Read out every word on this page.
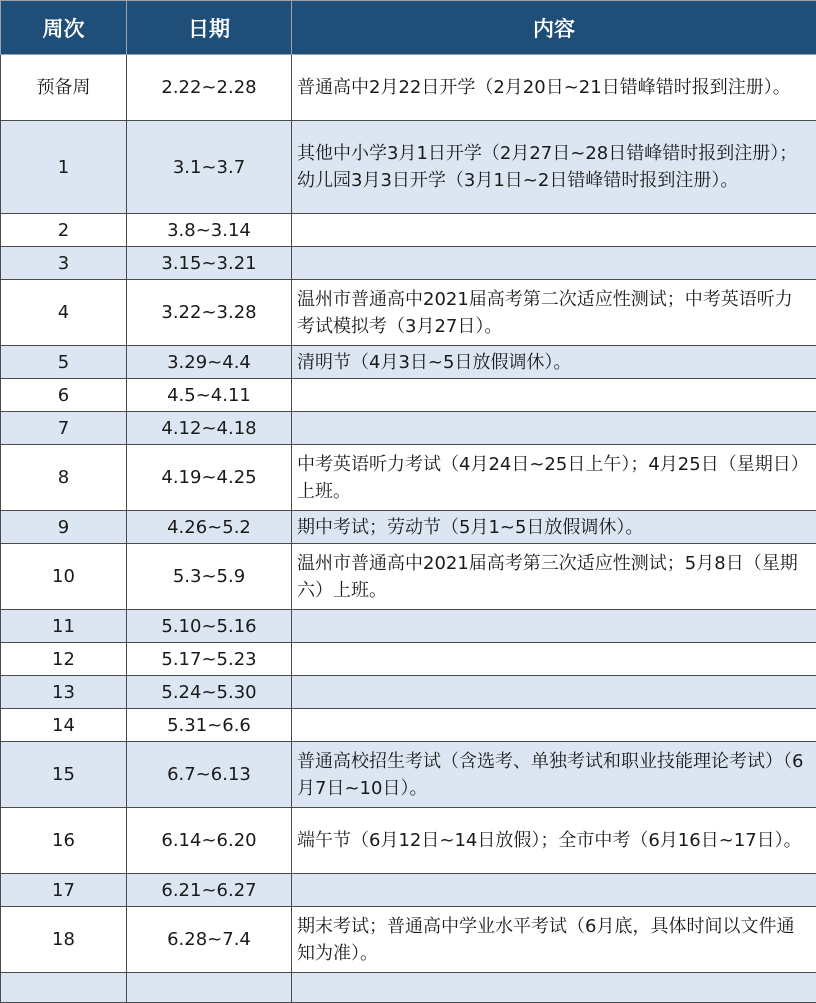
周次	日期	内容
预备周	2.22~2.28	普通高中2月22日开学（2月20日~21日错峰错时报到注册）。
1	3.1~3.7	其他中小学3月1日开学（2月27日~28日错峰错时报到注册）；幼儿园3月3日开学（3月1日~2日错峰错时报到注册）。
2	3.8~3.14	
3	3.15~3.21	
4	3.22~3.28	温州市普通高中2021届高考第二次适应性测试；中考英语听力考试模拟考（3月27日）。
5	3.29~4.4	清明节（4月3日~5日放假调休）。
6	4.5~4.11	
7	4.12~4.18	
8	4.19~4.25	中考英语听力考试（4月24日~25日上午）；4月25日（星期日）上班。
9	4.26~5.2	期中考试；劳动节（5月1~5日放假调休）。
10	5.3~5.9	温州市普通高中2021届高考第三次适应性测试；5月8日（星期六）上班。
11	5.10~5.16	
12	5.17~5.23	
13	5.24~5.30	
14	5.31~6.6	
15	6.7~6.13	普通高校招生考试（含选考、单独考试和职业技能理论考试）（6月7日~10日）。
16	6.14~6.20	端午节（6月12日~14日放假）；全市中考（6月16日~17日）。
17	6.21~6.27	
18	6.28~7.4	期末考试；普通高中学业水平考试（6月底，具体时间以文件通知为准）。
